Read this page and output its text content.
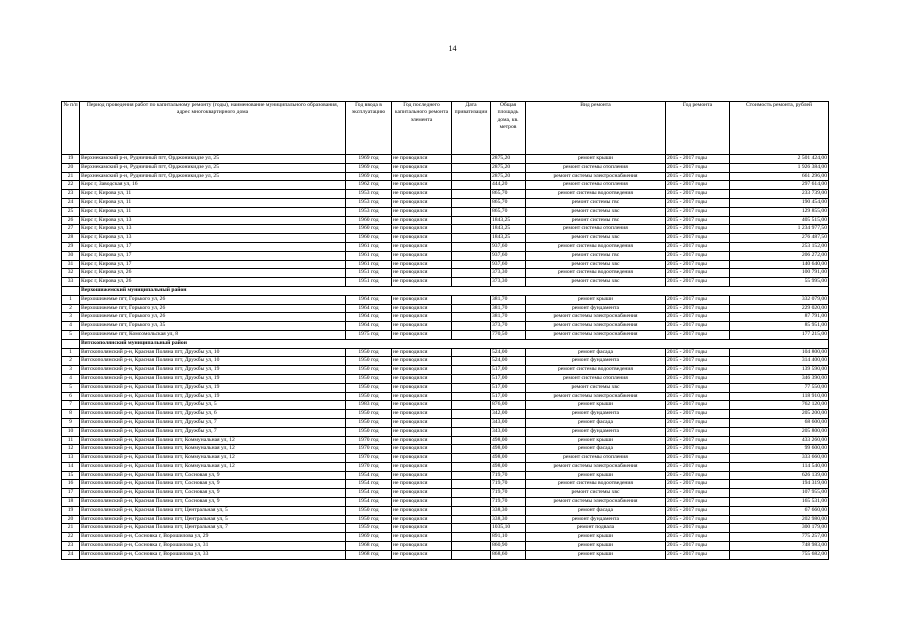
14
№ п/п	Период проведения работ по капитальному ремонту (годы), наименование муниципального образования, адрес многоквартирного дома	Год ввода в эксплуатацию	Год последнего капитального ремонта элемента	Дата приватизации	Общая площадь дома, кв. метров	Вид ремонта	Год ремонта	Стоимость ремонта, рублей
19	Верхнекамский р-н, Рудничный пгт, Орджоникидзе ул, 25	1969 год	не проводился		2875,20	ремонт крыши	2015 - 2017 годы	2 501 424,00
20	Верхнекамский р-н, Рудничный пгт, Орджоникидзе ул, 25	1969 год	не проводился		2875,20	ремонт системы отопления	2015 - 2017 годы	1 926 384,00
21	Верхнекамский р-н, Рудничный пгт, Орджоникидзе ул, 25	1969 год	не проводился		2875,20	ремонт системы электроснабжения	2015 - 2017 годы	661 296,00
22	Кирс г, Заводская ул, 16	1962 год	не проводился		444,20	ремонт системы отопления	2015 - 2017 годы	297 614,00
23	Кирс г, Кирова ул, 11	1953 год	не проводился		865,70	ремонт системы водоотведения	2015 - 2017 годы	233 739,00
24	Кирс г, Кирова ул, 11	1953 год	не проводился		865,70	ремонт системы гвс	2015 - 2017 годы	190 454,00
25	Кирс г, Кирова ул, 11	1953 год	не проводился		865,70	ремонт системы хвс	2015 - 2017 годы	129 855,00
26	Кирс г, Кирова ул, 13	1960 год	не проводился		1843,25	ремонт системы гвс	2015 - 2017 годы	405 515,00
27	Кирс г, Кирова ул, 13	1960 год	не проводился		1843,25	ремонт системы отопления	2015 - 2017 годы	1 234 977,50
28	Кирс г, Кирова ул, 13	1960 год	не проводился		1843,25	ремонт системы хвс	2015 - 2017 годы	276 487,50
29	Кирс г, Кирова ул, 17	1961 год	не проводился		937,60	ремонт системы водоотведения	2015 - 2017 годы	253 152,00
30	Кирс г, Кирова ул, 17	1961 год	не проводился		937,60	ремонт системы гвс	2015 - 2017 годы	206 272,00
31	Кирс г, Кирова ул, 17	1961 год	не проводился		937,60	ремонт системы хвс	2015 - 2017 годы	140 640,00
32	Кирс г, Кирова ул, 26	1951 год	не проводился		373,30	ремонт системы водоотведения	2015 - 2017 годы	100 791,00
33	Кирс г, Кирова ул, 26	1951 год	не проводился		373,30	ремонт системы хвс	2015 - 2017 годы	55 995,00
	Верхошижемский муниципальный район							
1	Верхошижемье пгт, Горького ул, 26	1964 год	не проводился		381,70	ремонт крыши	2015 - 2017 годы	332 079,00
2	Верхошижемье пгт, Горького ул, 26	1964 год	не проводился		381,70	ремонт фундамента	2015 - 2017 годы	229 020,00
3	Верхошижемье пгт, Горького ул, 26	1964 год	не проводился		381,70	ремонт системы электроснабжения	2015 - 2017 годы	87 791,00
4	Верхошижемье пгт, Горького ул, 35	1964 год	не проводился		373,70	ремонт системы электроснабжения	2015 - 2017 годы	85 951,00
5	Верхошижемье пгт, Комсомольская ул, 8	1975 год	не проводился		770,50	ремонт системы электроснабжения	2015 - 2017 годы	177 215,00
	Вятскополянский муниципальный район							
1	Вятскополянский р-н, Красная Поляна пгт, Дружбы ул, 10	1950 год	не проводился		524,00	ремонт фасада	2015 - 2017 годы	104 800,00
2	Вятскополянский р-н, Красная Поляна пгт, Дружбы ул, 10	1950 год	не проводился		524,00	ремонт фундамента	2015 - 2017 годы	314 400,00
3	Вятскополянский р-н, Красная Поляна пгт, Дружбы ул, 19	1950 год	не проводился		517,00	ремонт системы водоотведения	2015 - 2017 годы	139 590,00
4	Вятскополянский р-н, Красная Поляна пгт, Дружбы ул, 19	1950 год	не проводился		517,00	ремонт системы отопления	2015 - 2017 годы	346 390,00
5	Вятскополянский р-н, Красная Поляна пгт, Дружбы ул, 19	1950 год	не проводился		517,00	ремонт системы хвс	2015 - 2017 годы	77 550,00
6	Вятскополянский р-н, Красная Поляна пгт, Дружбы ул, 19	1950 год	не проводился		517,00	ремонт системы электроснабжения	2015 - 2017 годы	118 910,00
7	Вятскополянский р-н, Красная Поляна пгт, Дружбы ул, 5	1983 год	не проводился		876,00	ремонт крыши	2015 - 2017 годы	762 120,00
8	Вятскополянский р-н, Красная Поляна пгт, Дружбы ул, 6	1950 год	не проводился		342,00	ремонт фундамента	2015 - 2017 годы	205 200,00
9	Вятскополянский р-н, Красная Поляна пгт, Дружбы ул, 7	1950 год	не проводился		343,00	ремонт фасада	2015 - 2017 годы	68 600,00
10	Вятскополянский р-н, Красная Поляна пгт, Дружбы ул, 7	1950 год	не проводился		343,00	ремонт фундамента	2015 - 2017 годы	205 800,00
11	Вятскополянский р-н, Красная Поляна пгт, Коммунальная ул, 12	1970 год	не проводился		498,00	ремонт крыши	2015 - 2017 годы	433 260,00
12	Вятскополянский р-н, Красная Поляна пгт, Коммунальная ул, 12	1970 год	не проводился		498,00	ремонт фасада	2015 - 2017 годы	99 600,00
13	Вятскополянский р-н, Красная Поляна пгт, Коммунальная ул, 12	1970 год	не проводился		498,00	ремонт системы отопления	2015 - 2017 годы	333 660,00
14	Вятскополянский р-н, Красная Поляна пгт, Коммунальная ул, 12	1970 год	не проводился		498,00	ремонт системы электроснабжения	2015 - 2017 годы	114 540,00
15	Вятскополянский р-н, Красная Поляна пгт, Сосновая ул, 9	1954 год	не проводился		719,70	ремонт крыши	2015 - 2017 годы	626 139,00
16	Вятскополянский р-н, Красная Поляна пгт, Сосновая ул, 9	1954 год	не проводился		719,70	ремонт системы водоотведения	2015 - 2017 годы	194 319,00
17	Вятскополянский р-н, Красная Поляна пгт, Сосновая ул, 9	1954 год	не проводился		719,70	ремонт системы хвс	2015 - 2017 годы	107 955,00
18	Вятскополянский р-н, Красная Поляна пгт, Сосновая ул, 9	1954 год	не проводился		719,70	ремонт системы электроснабжения	2015 - 2017 годы	165 531,00
19	Вятскополянский р-н, Красная Поляна пгт, Центральная ул, 5	1950 год	не проводился		338,30	ремонт фасада	2015 - 2017 годы	67 660,00
20	Вятскополянский р-н, Красная Поляна пгт, Центральная ул, 5	1950 год	не проводился		338,30	ремонт фундамента	2015 - 2017 годы	202 980,00
21	Вятскополянский р-н, Красная Поляна пгт, Центральная ул, 7	1959 год	не проводился		1035,10	ремонт подвала	2015 - 2017 годы	300 179,00
22	Вятскополянский р-н, Сосновка г, Ворошилова ул, 29	1969 год	не проводился		891,10	ремонт крыши	2015 - 2017 годы	775 257,00
23	Вятскополянский р-н, Сосновка г, Ворошилова ул, 31	1968 год	не проводился		860,90	ремонт крыши	2015 - 2017 годы	748 983,00
24	Вятскополянский р-н, Сосновка г, Ворошилова ул, 33	1968 год	не проводился		868,60	ремонт крыши	2015 - 2017 годы	755 682,00
